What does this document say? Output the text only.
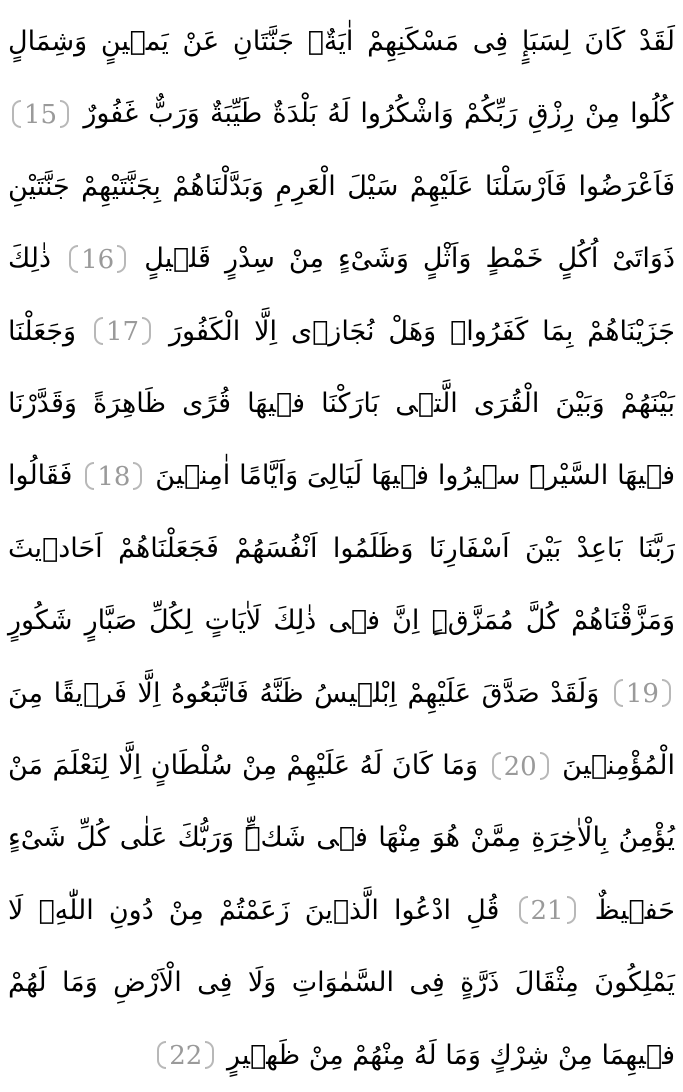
لَقَدْ كَانَ لِسَبَإٍ فِى مَسْكَنِهِمْ اٰيَةٌۚ جَنَّتَانِ عَنْ يَمٖينٍ وَشِمَالٍ كُلُوا مِنْ رِزْقِ رَبِّكُمْ وَاشْكُرُوا لَهُ بَلْدَةٌ طَيِّبَةٌ وَرَبٌّ غَفُورٌ 15 فَاَعْرَضُوا فَاَرْسَلْنَا عَلَيْهِمْ سَيْلَ الْعَرِمِ وَبَدَّلْنَاهُمْ بِجَنَّتَيْهِمْ جَنَّتَيْنِ ذَوَاتَىْ اُكُلٍ خَمْطٍ وَاَثْلٍ وَشَىْءٍ مِنْ سِدْرٍ قَلٖيلٍ 16 ذٰلِكَ جَزَيْنَاهُمْ بِمَا كَفَرُواۜ وَهَلْ نُجَازٖى اِلَّا الْكَفُورَ 17 وَجَعَلْنَا بَيْنَهُمْ وَبَيْنَ الْقُرَى الَّتٖى بَارَكْنَا فٖيهَا قُرًى ظَاهِرَةً وَقَدَّرْنَا فٖيهَا السَّيْرَۜ سٖيرُوا فٖيهَا لَيَالِىَ وَاَيَّامًا اٰمِنٖينَ 18 فَقَالُوا رَبَّنَا بَاعِدْ بَيْنَ اَسْفَارِنَا وَظَلَمُوا اَنْفُسَهُمْ فَجَعَلْنَاهُمْ اَحَادٖيثَ وَمَزَّقْنَاهُمْ كُلَّ مُمَزَّقٍۜ اِنَّ فٖى ذٰلِكَ لَاٰيَاتٍ لِكُلِّ صَبَّارٍ شَكُورٍ 19 وَلَقَدْ صَدَّقَ عَلَيْهِمْ اِبْلٖيسُ ظَنَّهُ فَاتَّبَعُوهُ اِلَّا فَرٖيقًا مِنَ الْمُؤْمِنٖينَ 20 وَمَا كَانَ لَهُ عَلَيْهِمْ مِنْ سُلْطَانٍ اِلَّا لِنَعْلَمَ مَنْ يُؤْمِنُ بِالْاٰخِرَةِ مِمَّنْ هُوَ مِنْهَا فٖى شَكٍّۜ وَرَبُّكَ عَلٰى كُلِّ شَىْءٍ حَفٖيظٌ 21 قُلِ ادْعُوا الَّذٖينَ زَعَمْتُمْ مِنْ دُونِ اللّٰهِۚ لَا يَمْلِكُونَ مِثْقَالَ ذَرَّةٍ فِى السَّمٰوَاتِ وَلَا فِى الْاَرْضِ وَمَا لَهُمْ فٖيهِمَا مِنْ شِرْكٍ وَمَا لَهُ مِنْهُمْ مِنْ ظَهٖيرٍ 22
